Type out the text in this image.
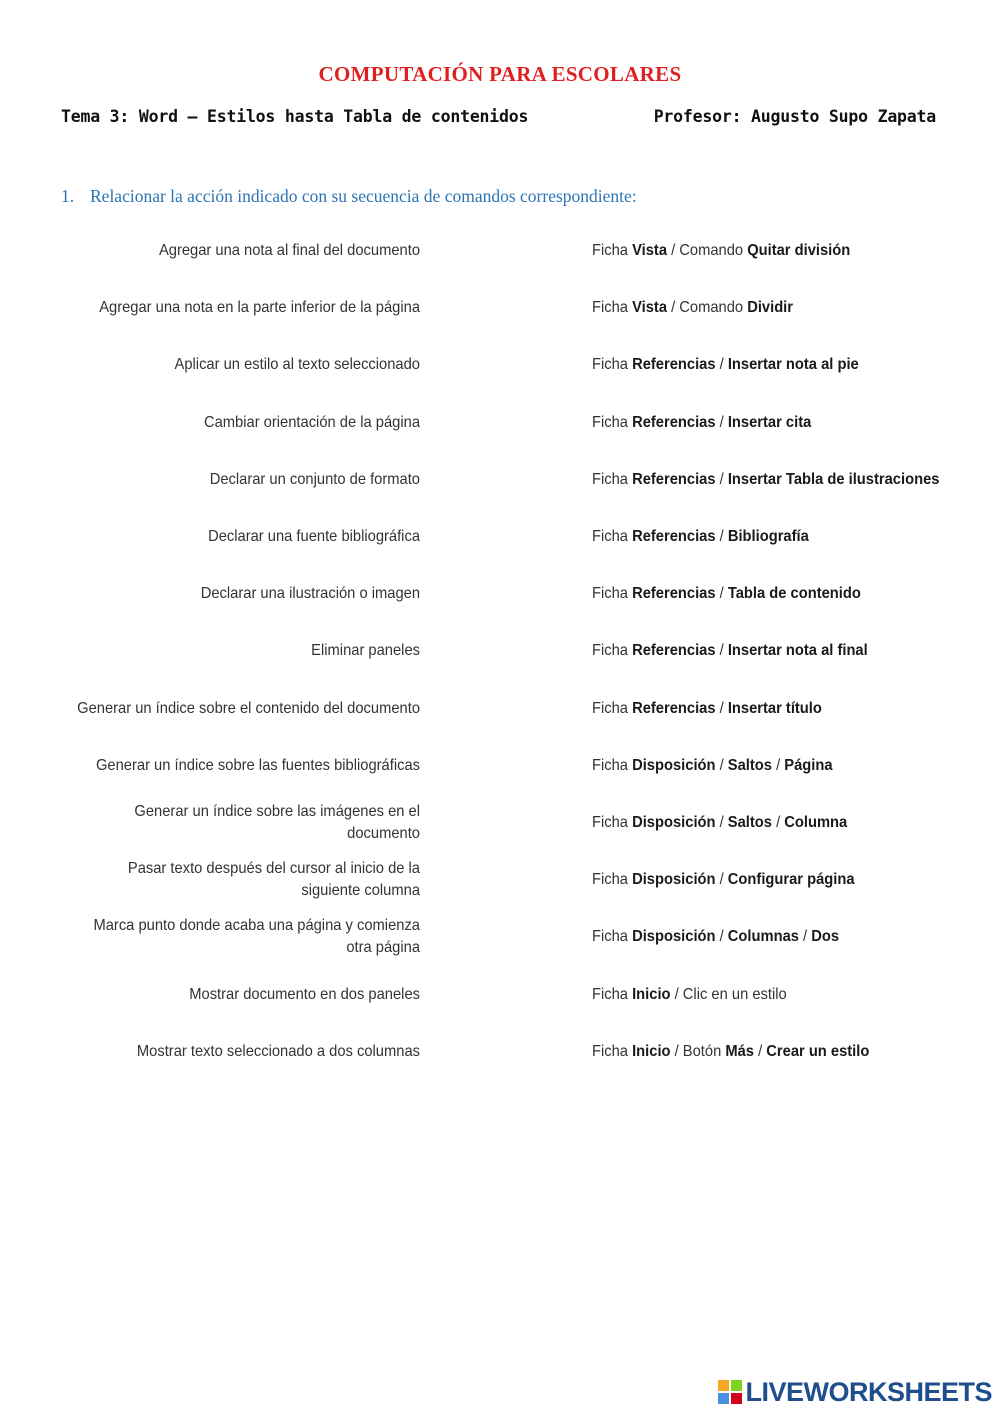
COMPUTACIÓN PARA ESCOLARES
Tema 3: Word – Estilos hasta Tabla de contenidos	Profesor: Augusto Supo Zapata
1. Relacionar la acción indicado con su secuencia de comandos correspondiente:
Agregar una nota al final del documento
Agregar una nota en la parte inferior de la página
Aplicar un estilo al texto seleccionado
Cambiar orientación de la página
Declarar un conjunto de formato
Declarar una fuente bibliográfica
Declarar una ilustración o imagen
Eliminar paneles
Generar un índice sobre el contenido del documento
Generar un índice sobre las fuentes bibliográficas
Generar un índice sobre las imágenes en el documento
Pasar texto después del cursor al inicio de la siguiente columna
Marca punto donde acaba una página y comienza otra página
Mostrar documento en dos paneles
Mostrar texto seleccionado a dos columnas
Ficha Vista / Comando Quitar división
Ficha Vista / Comando Dividir
Ficha Referencias / Insertar nota al pie
Ficha Referencias / Insertar cita
Ficha Referencias / Insertar Tabla de ilustraciones
Ficha Referencias / Bibliografía
Ficha Referencias / Tabla de contenido
Ficha Referencias / Insertar nota al final
Ficha Referencias / Insertar título
Ficha Disposición / Saltos / Página
Ficha Disposición / Saltos / Columna
Ficha Disposición / Configurar página
Ficha Disposición / Columnas / Dos
Ficha Inicio / Clic en un estilo
Ficha Inicio / Botón Más / Crear un estilo
LIVEWORKSHEETS
